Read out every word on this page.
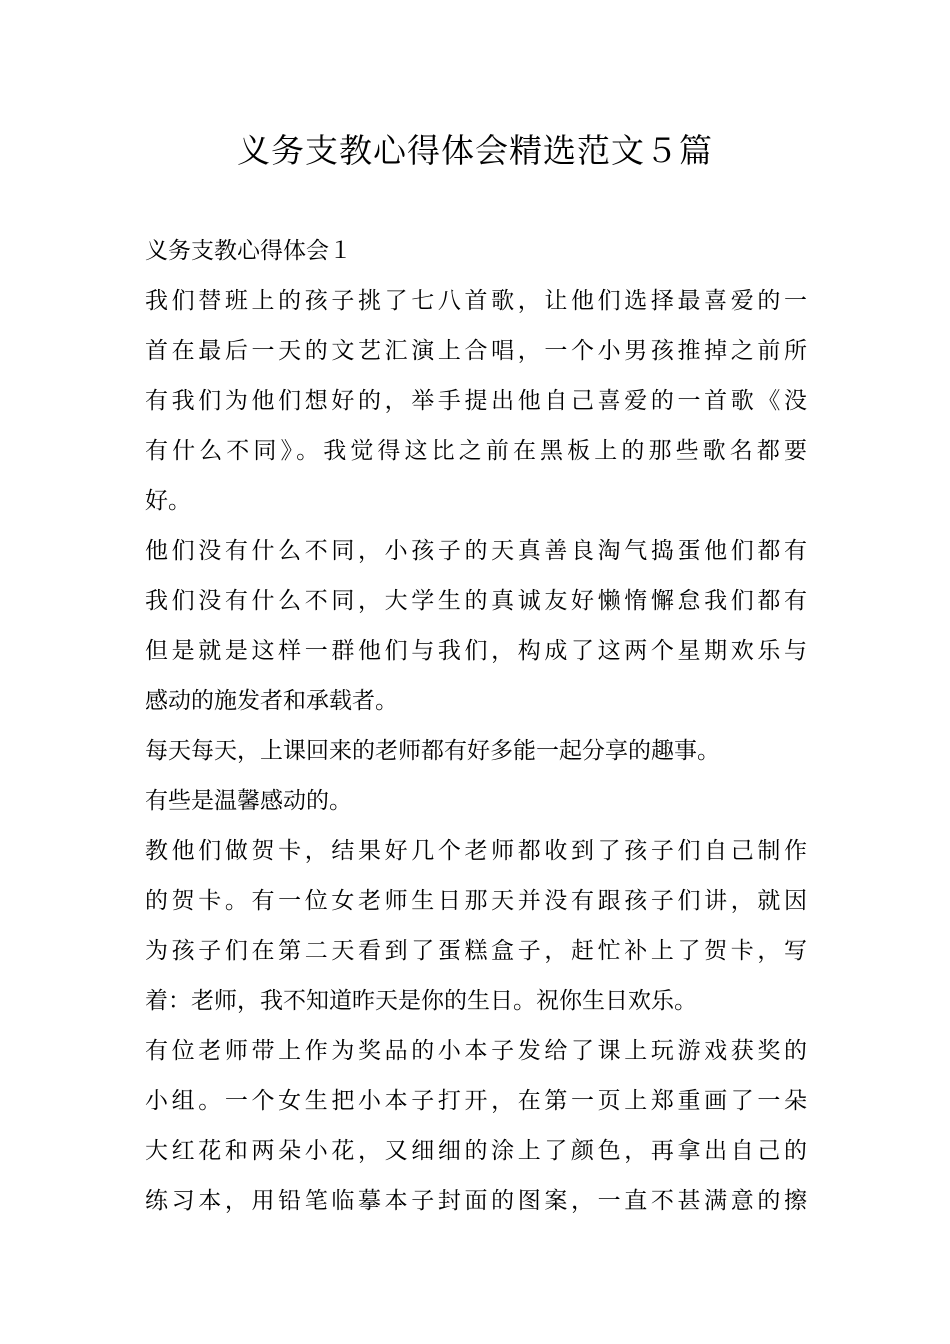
义务支教心得体会精选范文５篇
义务支教心得体会１
我们替班上的孩子挑了七八首歌，让他们选择最喜爱的一
首在最后一天的文艺汇演上合唱，一个小男孩推掉之前所
有我们为他们想好的，举手提出他自己喜爱的一首歌《没
有什么不同》。我觉得这比之前在黑板上的那些歌名都要
好。
他们没有什么不同，小孩子的天真善良淘气捣蛋他们都有
我们没有什么不同，大学生的真诚友好懒惰懈怠我们都有
但是就是这样一群他们与我们，构成了这两个星期欢乐与
感动的施发者和承载者。
每天每天，上课回来的老师都有好多能一起分享的趣事。
有些是温馨感动的。
教他们做贺卡，结果好几个老师都收到了孩子们自己制作
的贺卡。有一位女老师生日那天并没有跟孩子们讲，就因
为孩子们在第二天看到了蛋糕盒子，赶忙补上了贺卡，写
着：老师，我不知道昨天是你的生日。祝你生日欢乐。
有位老师带上作为奖品的小本子发给了课上玩游戏获奖的
小组。一个女生把小本子打开，在第一页上郑重画了一朵
大红花和两朵小花，又细细的涂上了颜色，再拿出自己的
练习本，用铅笔临摹本子封面的图案，一直不甚满意的擦
